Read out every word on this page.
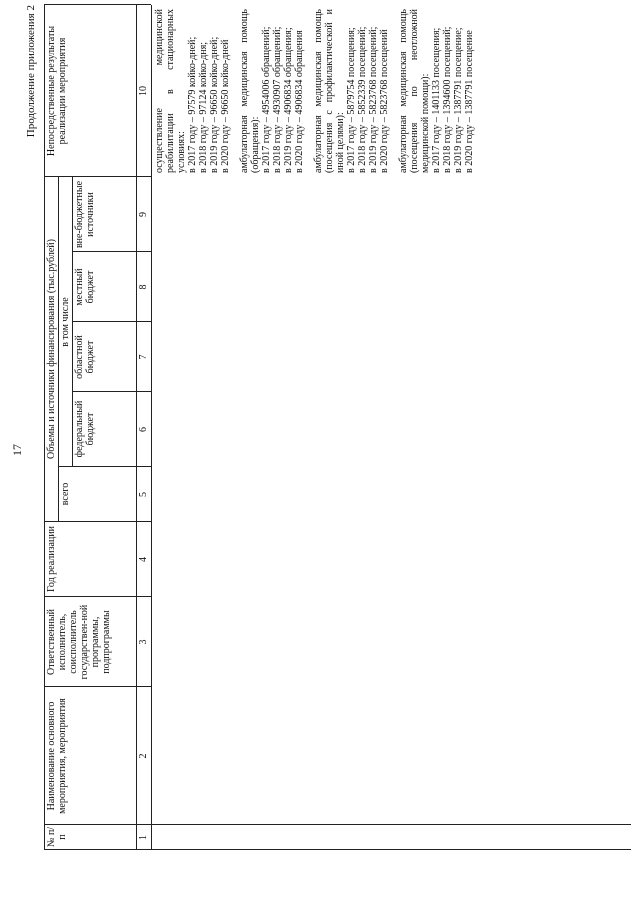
17
Продолжение приложения 2
№ п/п
Наименование основного мероприятия, мероприятия
Ответственный исполнитель, соисполнитель государствен-ной программы, подпрограммы
Год реализации
Объемы и источники финансирования (тыс.рублей)
всего
в том числе
федеральный бюджет
областной бюджет
местный бюджет
вне-бюджетные источники
Непосредственные результаты реализации мероприятия
1
2
3
4
5
6
7
8
9
10 осуществление медицинской реабилитации в стационарных условиях: в 2017 году – 97579 койко-дней; в 2018 году – 97124 койко-дня; в 2019 году – 96650 койко-дней; в 2020 году – 96650 койко-дней амбулаторная медицинская помощь (обращения): в 2017 году – 4954006 обращений; в 2018 году – 4930907 обращений; в 2019 году – 4906834 обращения; в 2020 году – 4906834 обращения амбулаторная медицинская помощь (посещения с профилактической и иной целями): в 2017 году – 5879754 посещения; в 2018 году – 5852339 посещений; в 2019 году – 5823768 посещений; в 2020 году – 5823768 посещений амбулаторная медицинская помощь (посещения по неотложной медицинской помощи): в 2017 году – 1401133 посещения; в 2018 году – 1394600 посещений; в 2019 году – 1387791 посещение; в 2020 году – 1387791 посещение
